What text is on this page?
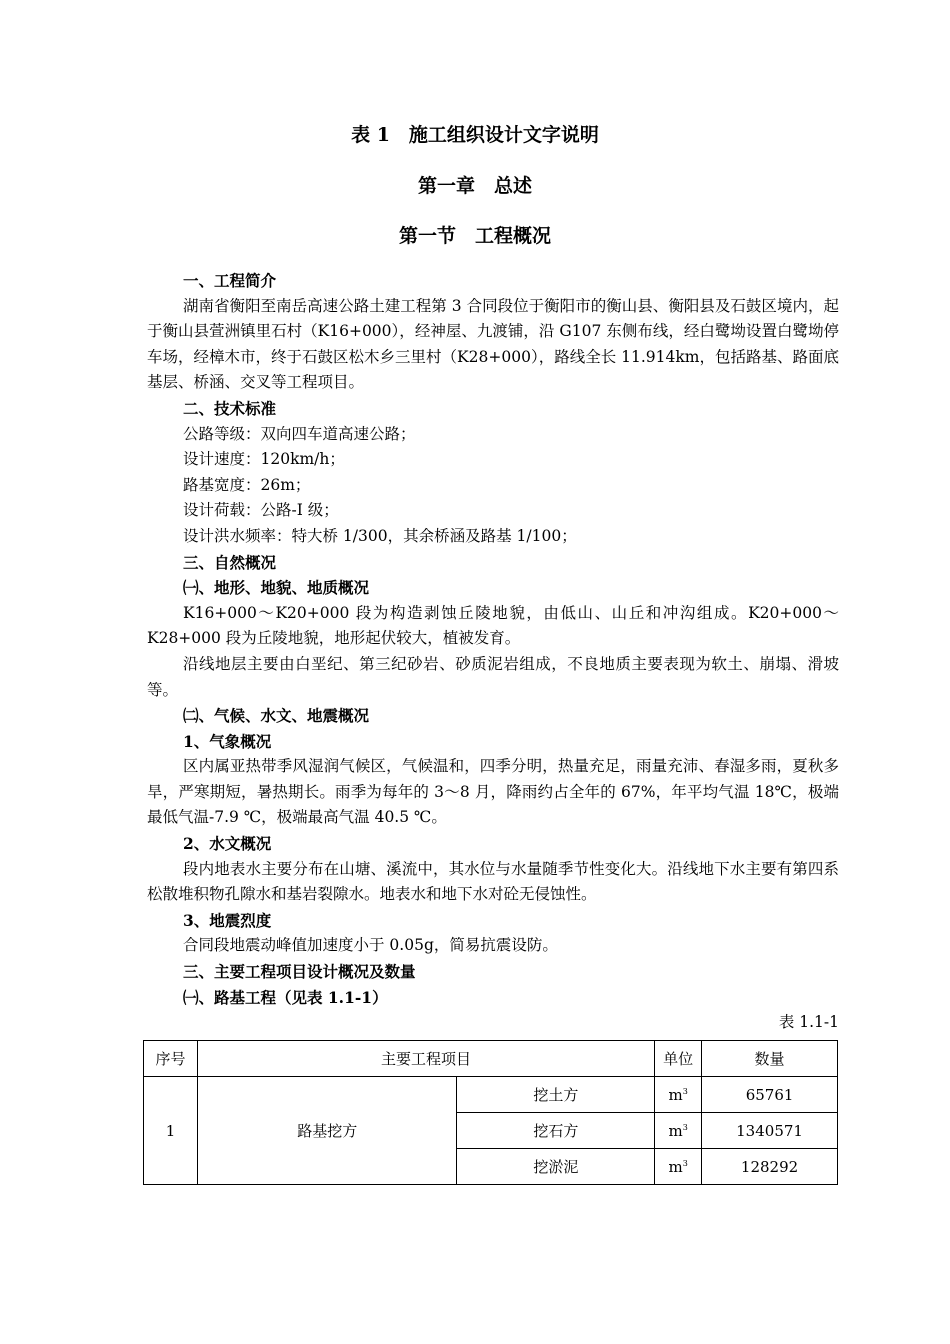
表 1　施工组织设计文字说明
第一章　总述
第一节　工程概况

一、工程简介

湖南省衡阳至南岳高速公路土建工程第 3 合同段位于衡阳市的衡山县、衡阳县及石鼓区境内，起于衡山县萱洲镇里石村（K16+000），经神屋、九渡铺，沿 G107 东侧布线，经白鹭坳设置白鹭坳停车场，经樟木市，终于石鼓区松木乡三里村（K28+000），路线全长 11.914km，包括路基、路面底基层、桥涵、交叉等工程项目。

二、技术标准

公路等级：双向四车道高速公路；

设计速度：120km/h；

路基宽度：26m；

设计荷载：公路-Ⅰ 级；

设计洪水频率：特大桥 1/300，其余桥涵及路基 1/100；

三、自然概况

㈠、地形、地貌、地质概况

K16+000～K20+000 段为构造剥蚀丘陵地貌，由低山、山丘和冲沟组成。K20+000～K28+000 段为丘陵地貌，地形起伏较大，植被发育。

沿线地层主要由白垩纪、第三纪砂岩、砂质泥岩组成，不良地质主要表现为软土、崩塌、滑坡等。

㈡、气候、水文、地震概况

1、气象概况

区内属亚热带季风湿润气候区，气候温和，四季分明，热量充足，雨量充沛、春湿多雨，夏秋多旱，严寒期短，暑热期长。雨季为每年的 3～8 月，降雨约占全年的 67%，年平均气温 18℃，极端最低气温-7.9 ℃，极端最高气温 40.5 ℃。

2、水文概况

段内地表水主要分布在山塘、溪流中，其水位与水量随季节性变化大。沿线地下水主要有第四系松散堆积物孔隙水和基岩裂隙水。地表水和地下水对砼无侵蚀性。

3、地震烈度

合同段地震动峰值加速度小于 0.05g，简易抗震设防。

三、主要工程项目设计概况及数量

㈠、路基工程（见表 1.1-1）

表 1.1-1

序号	主要工程项目		单位	数量
1	路基挖方	挖土方	$m^3$	65761
		挖石方	$m^3$	1340571
		挖淤泥	$m^3$	128292
